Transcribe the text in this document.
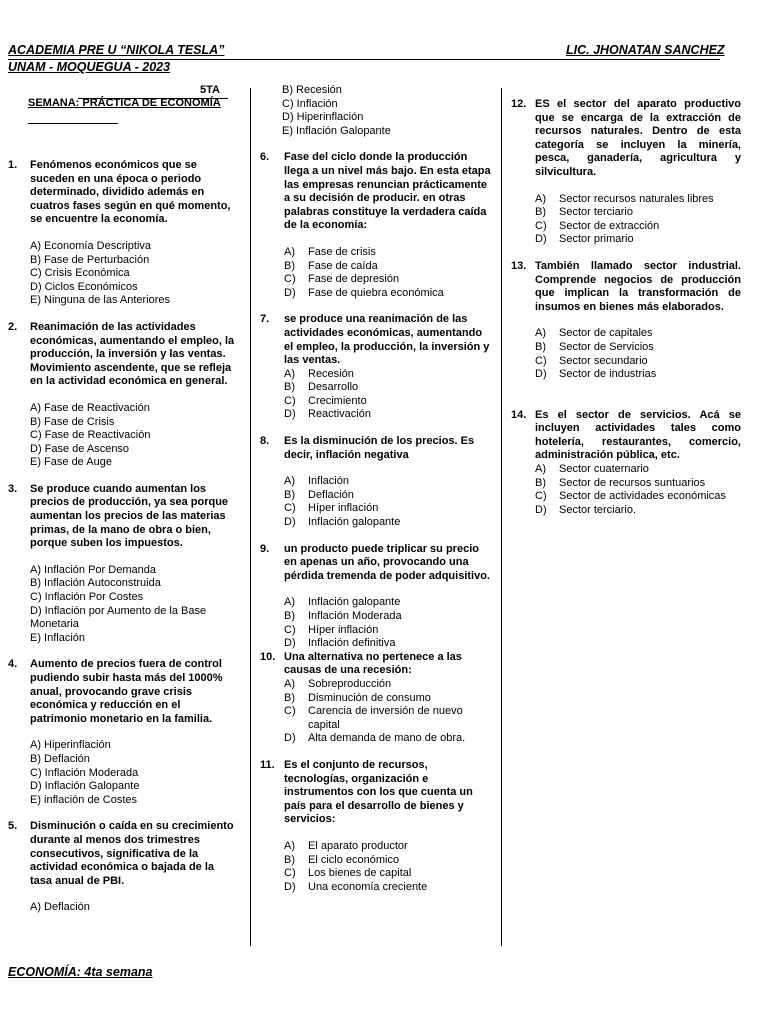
ACADEMIA PRE U “NIKOLA TESLA”	LIC. JHONATAN SANCHEZ
UNAM - MOQUEGUA - 2023
5TA
SEMANA: PRÁCTICA DE ECONOMÍA
1.	Fenómenos económicos que se suceden en una época o periodo determinado, dividido además en cuatros fases según en qué momento, se encuentre la economía.
A) Economía Descriptiva
B) Fase de Perturbación
C) Crisis Económica
D) Ciclos Económicos
E) Ninguna de las Anteriores
2.	Reanimación de las actividades económicas, aumentando el empleo, la producción, la inversión y las ventas. Movimiento ascendente, que se refleja en la actividad económica en general.
A) Fase de Reactivación
B) Fase de Crisis
C) Fase de Reactivación
D) Fase de Ascenso
E) Fase de Auge
3.	Se produce cuando aumentan los precios de producción, ya sea porque aumentan los precios de las materias primas, de la mano de obra o bien, porque suben los impuestos.
A) Inflación Por Demanda
B) Inflación Autoconstruida
C) Inflación Por Costes
D) Inflación por Aumento de la Base Monetaria
E) Inflación
4.	Aumento de precios fuera de control pudiendo subir hasta más del 1000% anual, provocando grave crisis económica y reducción en el patrimonio monetario en la familia.
A) Hiperinflación
B) Deflación
C) Inflación Moderada
D) Inflación Galopante
E) inflación de Costes
5.	Disminución o caída en su crecimiento durante al menos dos trimestres consecutivos, significativa de la actividad económica o bajada de la tasa anual de PBI.
A) Deflación
B) Recesión
C) Inflación
D) Hiperinflación
E) Inflación Galopante
6.	Fase del ciclo donde la producción llega a un nivel más bajo. En esta etapa las empresas renuncian prácticamente a su decisión de producir. en otras palabras constituye la verdadera caída de la economía:
A)	Fase de crisis
B)	Fase de caída
C)	Fase de depresión
D)	Fase de quiebra económica
7.	se produce una reanimación de las actividades económicas, aumentando el empleo, la producción, la inversión y las ventas.
A)	Recesión
B)	Desarrollo
C)	Crecimiento
D)	Reactivación
8.	Es la disminución de los precios. Es decir, inflación negativa
A)	Inflación
B)	Deflación
C)	Híper inflación
D)	Inflación galopante
9.	un producto puede triplicar su precio en apenas un año, provocando una pérdida tremenda de poder adquisitivo.
A)	Inflación galopante
B)	Inflación Moderada
C)	Híper inflación
D)	Inflación definitiva
10. Una alternativa no pertenece a las causas de una recesión:
A)	Sobreproducción
B)	Disminución de consumo
C)	Carencia de inversión de nuevo capital
D)	Alta demanda de mano de obra.
11. Es el conjunto de recursos, tecnologías, organización e instrumentos con los que cuenta un país para el desarrollo de bienes y servicios:
A)	El aparato productor
B)	El ciclo económico
C)	Los bienes de capital
D)	Una economía creciente
12. ES el sector del aparato productivo que se encarga de la extracción de recursos naturales. Dentro de esta categoría se incluyen la minería, pesca, ganadería, agricultura y silvicultura.
A)	Sector recursos naturales libres
B)	Sector terciario
C)	Sector de extracción
D)	Sector primario
13. También llamado sector industrial. Comprende negocios de producción que implican la transformación de insumos en bienes más elaborados.
A)	Sector de capitales
B)	Sector de Servicios
C)	Sector secundario
D)	Sector de industrias
14. Es el sector de servicios. Acá se incluyen actividades tales como hotelería, restaurantes, comercio, administración pública, etc.
A)	Sector cuaternario
B)	Sector de recursos suntuarios
C)	Sector de actividades económicas
D)	Sector terciario.
ECONOMÍA: 4ta semana
